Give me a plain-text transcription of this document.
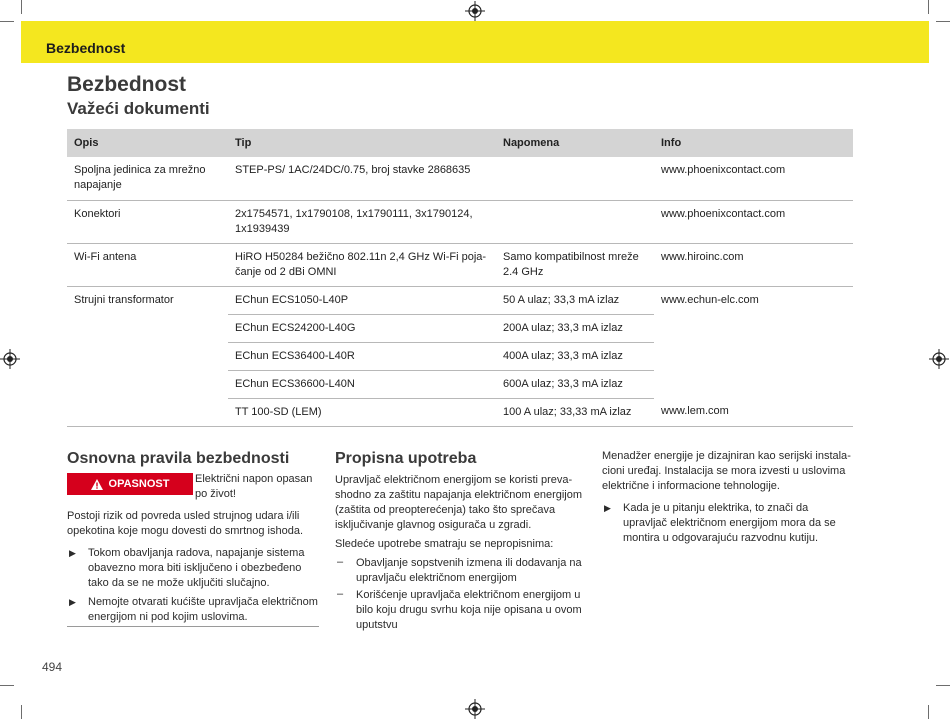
Bezbednost
Bezbednost
Važeći dokumenti
Opis	Tip	Napomena	Info
Spoljna jedinica za mrežno napajanje	STEP-PS/ 1AC/24DC/0.75, broj stavke 2868635		www.phoenixcontact.com
Konektori	2x1754571, 1x1790108, 1x1790111, 3x1790124, 1x1939439		www.phoenixcontact.com
Wi-Fi antena	HiRO H50284 bežično 802.11n 2,4 GHz Wi-Fi pojačanje od 2 dBi OMNI	Samo kompatibilnost mreže 2.4 GHz	www.hiroinc.com
Strujni transformator	EChun ECS1050-L40P	50 A ulaz; 33,3 mA izlaz	www.echun-elc.com
	EChun ECS24200-L40G	200A ulaz; 33,3 mA izlaz	
	EChun ECS36400-L40R	400A ulaz; 33,3 mA izlaz	
	EChun ECS36600-L40N	600A ulaz; 33,3 mA izlaz	
	TT 100-SD (LEM)	100 A ulaz; 33,33 mA izlaz	www.lem.com
Osnovna pravila bezbednosti
OPASNOST Električni napon opasan po život!
Postoji rizik od povreda usled strujnog udara i/ili opekotina koje mogu dovesti do smrtnog ishoda.
▶ Tokom obavljanja radova, napajanje sistema obavezno mora biti isključeno i obezbeđeno tako da se ne može uključiti slučajno.
▶ Nemojte otvarati kućište upravljača električnom energijom ni pod kojim uslovima.
Propisna upotreba
Upravljač električnom energijom se koristi prevashodno za zaštitu napajanja električnom energijom (zaštita od preopterećenja) tako što sprečava isključivanje glavnog osigurača u zgradi.
Sledeće upotrebe smatraju se nepropisnima:
– Obavljanje sopstvenih izmena ili dodavanja na upravljaču električnom energijom
– Korišćenje upravljača električnom energijom u bilo koju drugu svrhu koja nije opisana u ovom uputstvu
Menadžer energije je dizajniran kao serijski instalacioni uređaj. Instalacija se mora izvesti u uslovima električne i informacione tehnologije.
▶ Kada je u pitanju elektrika, to znači da upravljač električnom energijom mora da se montira u odgovarajuću razvodnu kutiju.
494
